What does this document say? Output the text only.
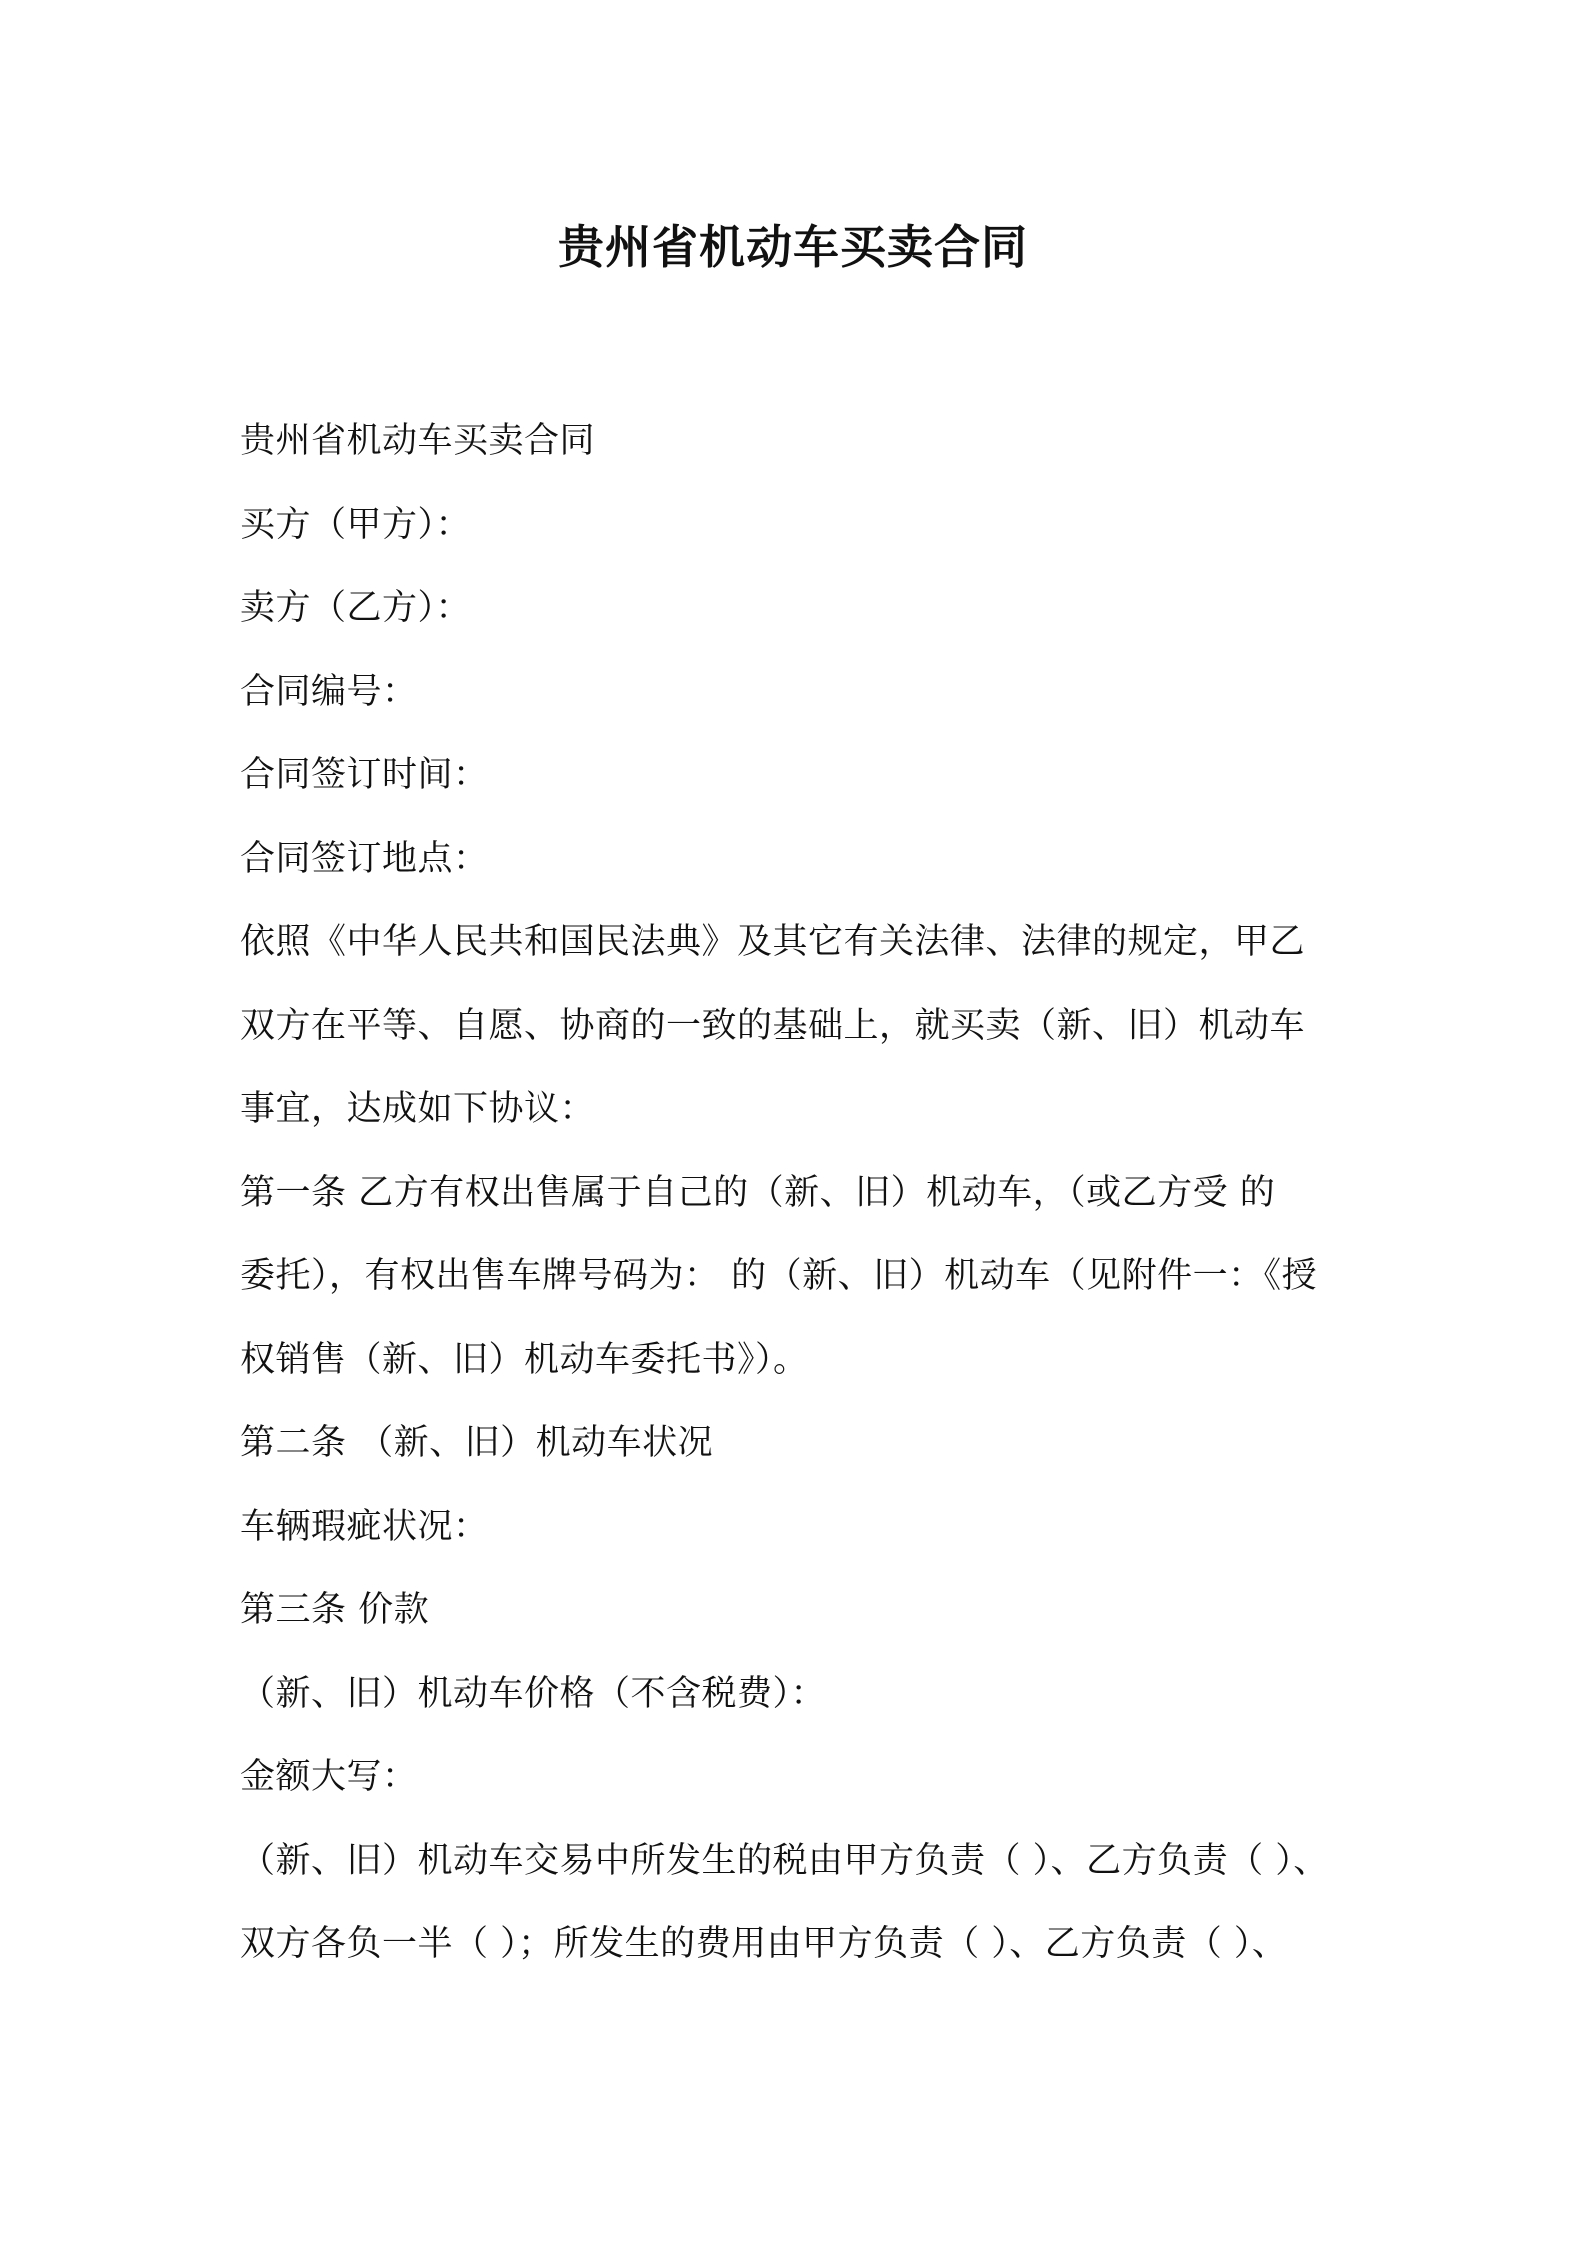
贵州省机动车买卖合同
贵州省机动车买卖合同
买方（甲方）：
卖方（乙方）：
合同编号：
合同签订时间：
合同签订地点：
依照《中华人民共和国民法典》及其它有关法律、法律的规定，甲乙
双方在平等、自愿、协商的一致的基础上，就买卖（新、旧）机动车
事宜，达成如下协议：
第一条 乙方有权出售属于自己的（新、旧）机动车，（或乙方受 的
委托），有权出售车牌号码为： 的（新、旧）机动车（见附件一：《授
权销售（新、旧）机动车委托书》）。
第二条 （新、旧）机动车状况
车辆瑕疵状况：
第三条 价款
（新、旧）机动车价格（不含税费）：
金额大写：
（新、旧）机动车交易中所发生的税由甲方负责（ ）、乙方负责（ ）、
双方各负一半（ ）；所发生的费用由甲方负责（ ）、乙方负责（ ）、
